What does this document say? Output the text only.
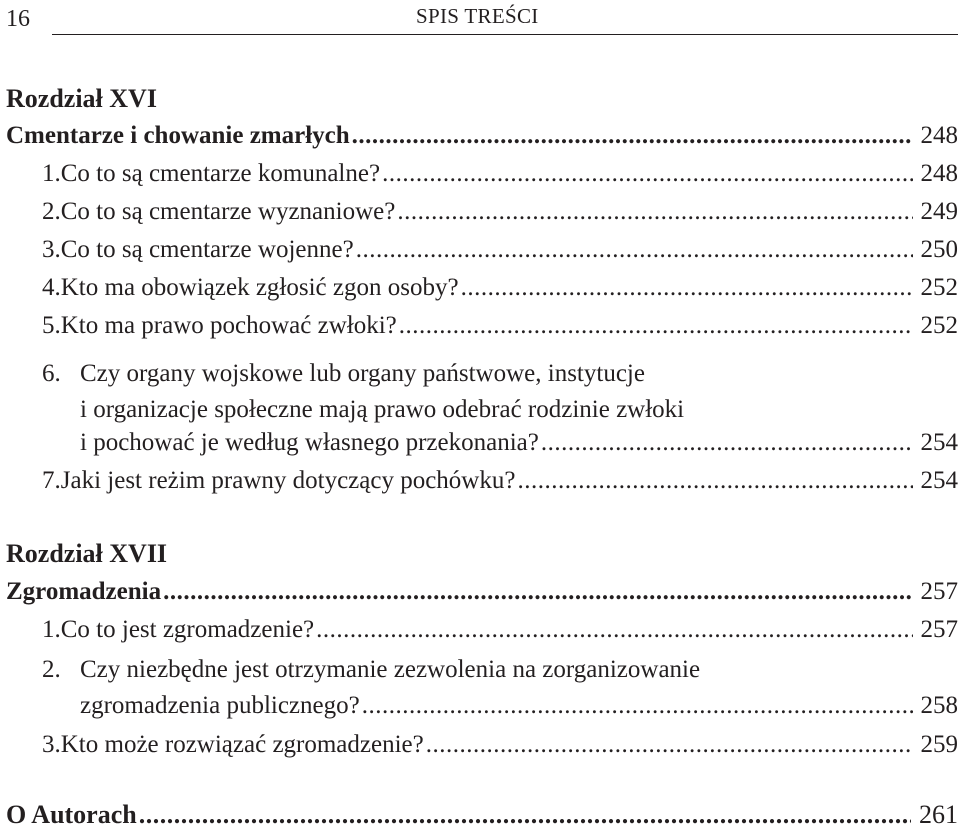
16	SPIS TREŚCI
Rozdział XVI
Cmentarze i chowanie zmarłych .....	248
1. Co to są cmentarze komunalne? .....	248
2. Co to są cmentarze wyznaniowe? .....	249
3. Co to są cmentarze wojenne? .....	250
4. Kto ma obowiązek zgłosić zgon osoby? .....	252
5. Kto ma prawo pochować zwłoki? .....	252
6. Czy organy wojskowe lub organy państwowe, instytucje
i organizacje społeczne mają prawo odebrać rodzinie zwłoki
i pochować je według własnego przekonania? .....	254
7. Jaki jest reżim prawny dotyczący pochówku? .....	254
Rozdział XVII
Zgromadzenia .....	257
1. Co to jest zgromadzenie? .....	257
2. Czy niezbędne jest otrzymanie zezwolenia na zorganizowanie
zgromadzenia publicznego? .....	258
3. Kto może rozwiązać zgromadzenie? .....	259
O Autorach .....	261
